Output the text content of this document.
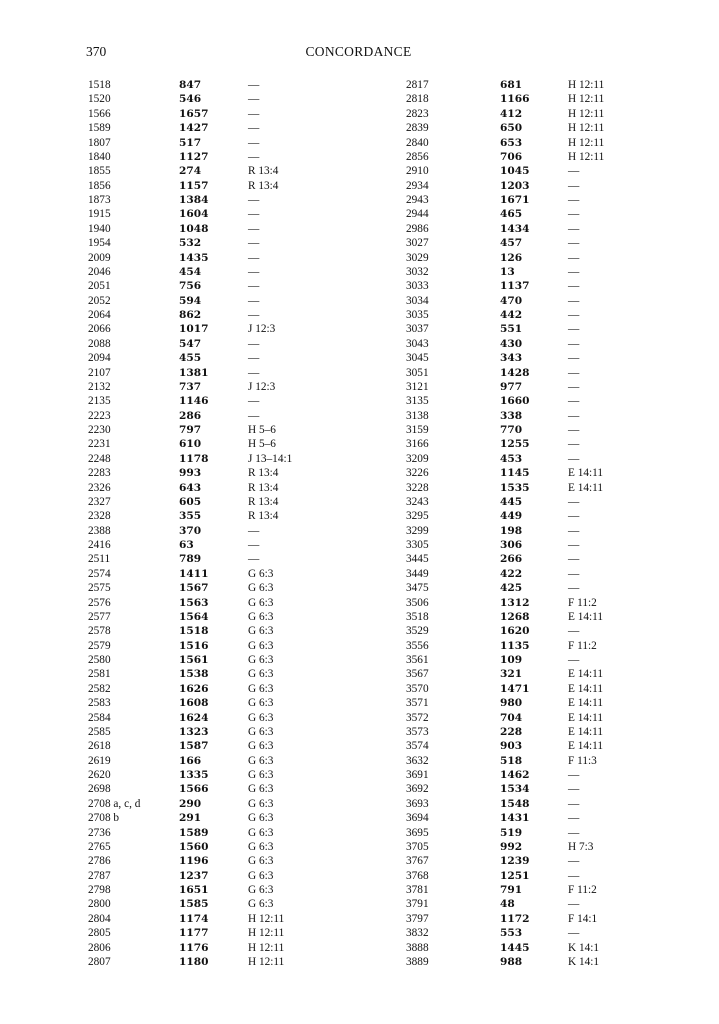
370	CONCORDANCE
1518	847	—
1520	546	—
1566	1657	—
1589	1427	—
1807	517	—
1840	1127	—
1855	274	R 13:4
1856	1157	R 13:4
1873	1384	—
1915	1604	—
1940	1048	—
1954	532	—
2009	1435	—
2046	454	—
2051	756	—
2052	594	—
2064	862	—
2066	1017	J 12:3
2088	547	—
2094	455	—
2107	1381	—
2132	737	J 12:3
2135	1146	—
2223	286	—
2230	797	H 5–6
2231	610	H 5–6
2248	1178	J 13–14:1
2283	993	R 13:4
2326	643	R 13:4
2327	605	R 13:4
2328	355	R 13:4
2388	370	—
2416	63	—
2511	789	—
2574	1411	G 6:3
2575	1567	G 6:3
2576	1563	G 6:3
2577	1564	G 6:3
2578	1518	G 6:3
2579	1516	G 6:3
2580	1561	G 6:3
2581	1538	G 6:3
2582	1626	G 6:3
2583	1608	G 6:3
2584	1624	G 6:3
2585	1323	G 6:3
2618	1587	G 6:3
2619	166	G 6:3
2620	1335	G 6:3
2698	1566	G 6:3
2708 a, c, d	290	G 6:3
2708 b	291	G 6:3
2736	1589	G 6:3
2765	1560	G 6:3
2786	1196	G 6:3
2787	1237	G 6:3
2798	1651	G 6:3
2800	1585	G 6:3
2804	1174	H 12:11
2805	1177	H 12:11
2806	1176	H 12:11
2807	1180	H 12:11
2817	681	H 12:11
2818	1166	H 12:11
2823	412	H 12:11
2839	650	H 12:11
2840	653	H 12:11
2856	706	H 12:11
2910	1045	—
2934	1203	—
2943	1671	—
2944	465	—
2986	1434	—
3027	457	—
3029	126	—
3032	13	—
3033	1137	—
3034	470	—
3035	442	—
3037	551	—
3043	430	—
3045	343	—
3051	1428	—
3121	977	—
3135	1660	—
3138	338	—
3159	770	—
3166	1255	—
3209	453	—
3226	1145	E 14:11
3228	1535	E 14:11
3243	445	—
3295	449	—
3299	198	—
3305	306	—
3445	266	—
3449	422	—
3475	425	—
3506	1312	F 11:2
3518	1268	E 14:11
3529	1620	—
3556	1135	F 11:2
3561	109	—
3567	321	E 14:11
3570	1471	E 14:11
3571	980	E 14:11
3572	704	E 14:11
3573	228	E 14:11
3574	903	E 14:11
3632	518	F 11:3
3691	1462	—
3692	1534	—
3693	1548	—
3694	1431	—
3695	519	—
3705	992	H 7:3
3767	1239	—
3768	1251	—
3781	791	F 11:2
3791	48	—
3797	1172	F 14:1
3832	553	—
3888	1445	K 14:1
3889	988	K 14:1
